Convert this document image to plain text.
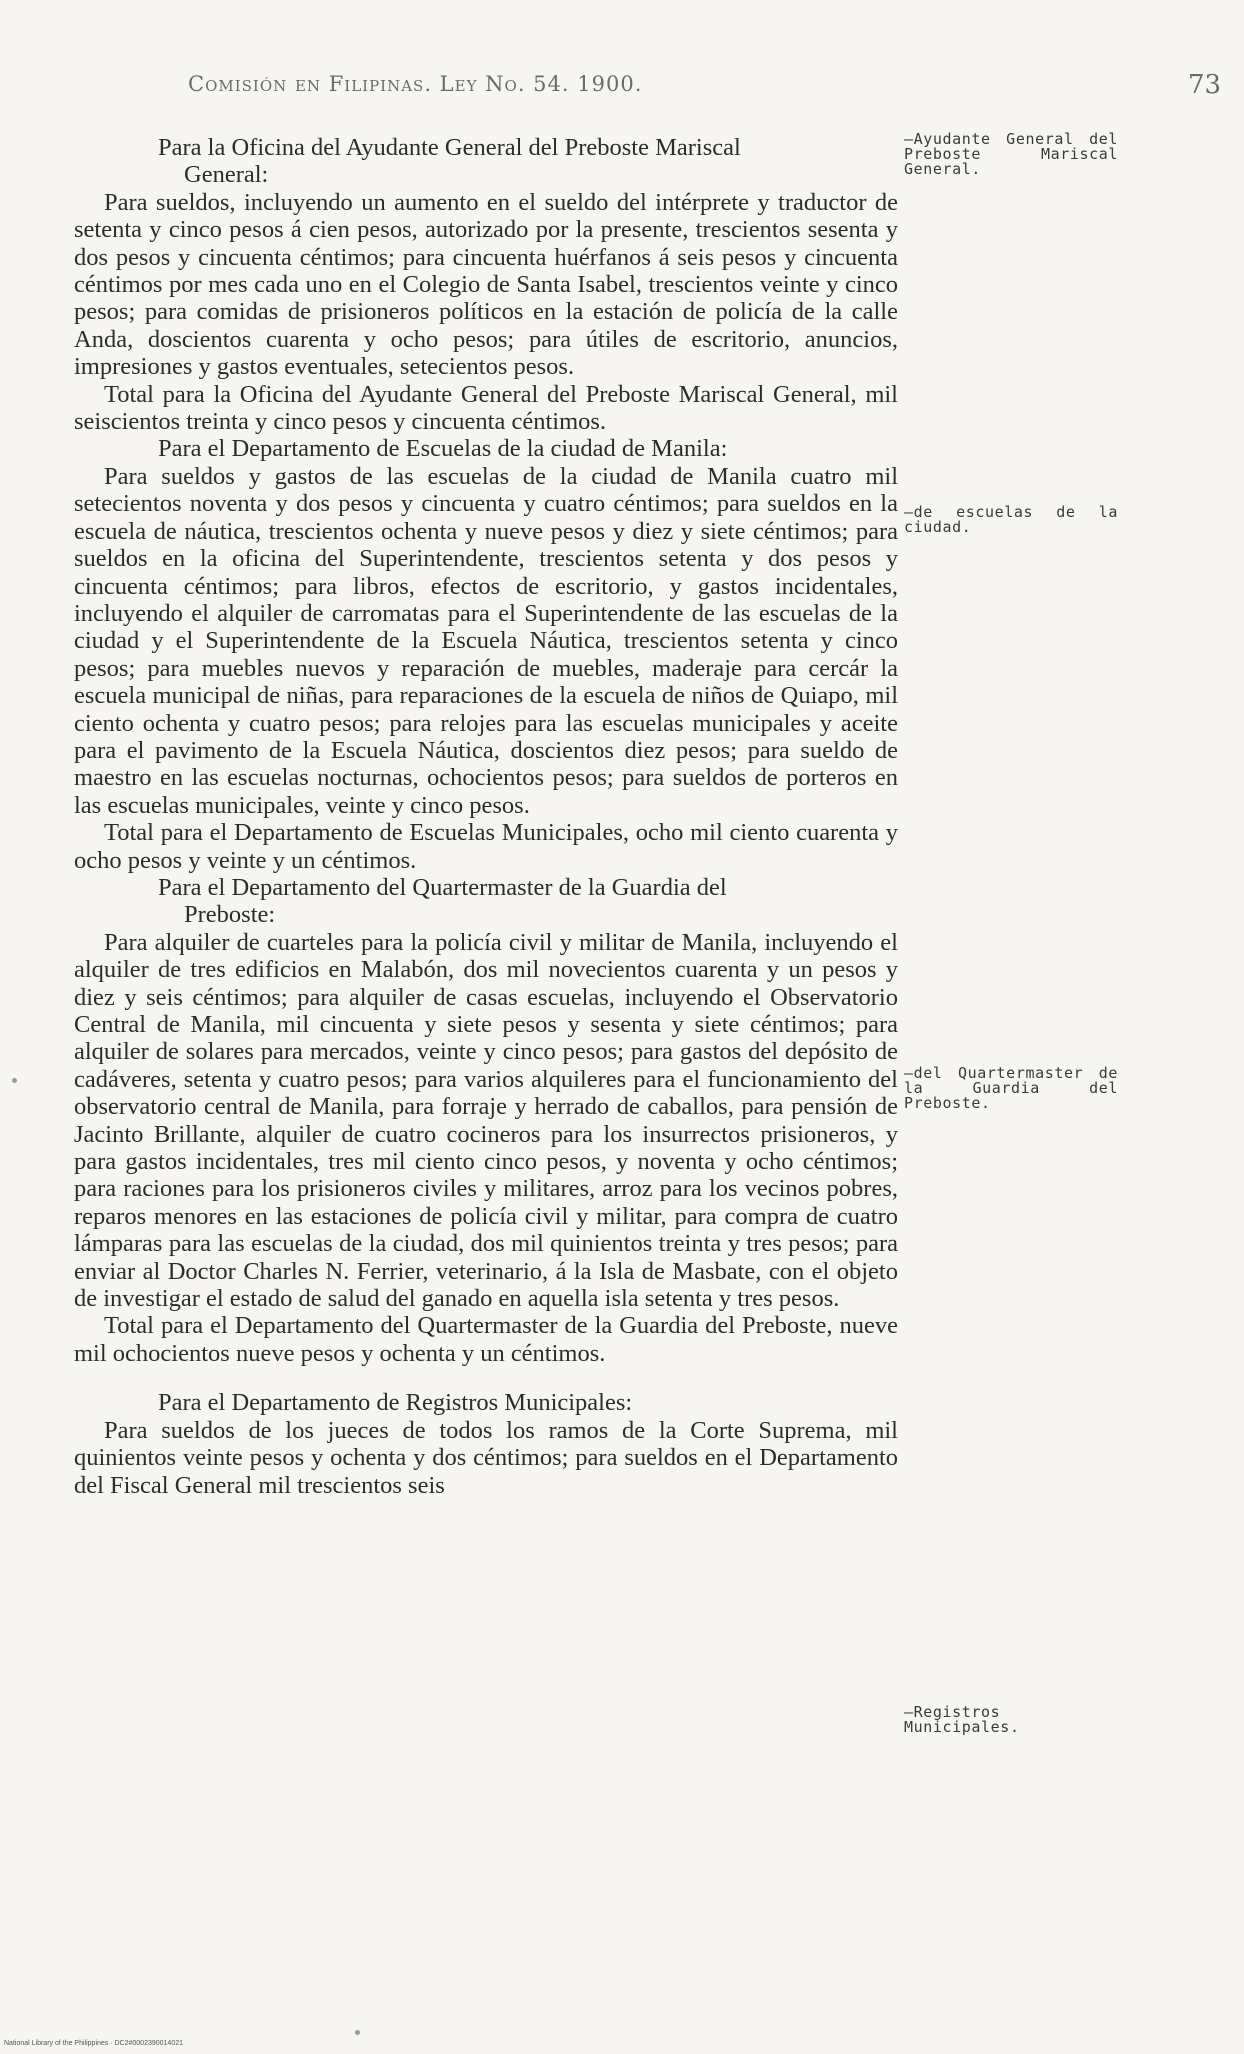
Comisión en Filipinas. Ley No. 54. 1900.	73

Para la Oficina del Ayudante General del Preboste Mariscal
General:

Para sueldos, incluyendo un aumento en el sueldo del intérprete y traductor de setenta y cinco pesos á cien pesos, autorizado por la presente, trescientos sesenta y dos pesos y cincuenta céntimos; para cincuenta huérfanos á seis pesos y cincuenta céntimos por mes cada uno en el Colegio de Santa Isabel, trescientos veinte y cinco pesos; para comidas de prisioneros políticos en la estación de policía de la calle Anda, doscientos cuarenta y ocho pesos; para útiles de escritorio, anuncios, impresiones y gastos eventuales, setecientos pesos.

Total para la Oficina del Ayudante General del Preboste Mariscal General, mil seiscientos treinta y cinco pesos y cincuenta céntimos.

Para el Departamento de Escuelas de la ciudad de Manila:

Para sueldos y gastos de las escuelas de la ciudad de Manila cuatro mil setecientos noventa y dos pesos y cincuenta y cuatro céntimos; para sueldos en la escuela de náutica, trescientos ochenta y nueve pesos y diez y siete céntimos; para sueldos en la oficina del Superintendente, trescientos setenta y dos pesos y cincuenta céntimos; para libros, efectos de escritorio, y gastos incidentales, incluyendo el alquiler de carromatas para el Superintendente de las escuelas de la ciudad y el Superintendente de la Escuela Náutica, trescientos setenta y cinco pesos; para muebles nuevos y reparación de muebles, maderaje para cercár la escuela municipal de niñas, para reparaciones de la escuela de niños de Quiapo, mil ciento ochenta y cuatro pesos; para relojes para las escuelas municipales y aceite para el pavimento de la Escuela Náutica, doscientos diez pesos; para sueldo de maestro en las escuelas nocturnas, ochocientos pesos; para sueldos de porteros en las escuelas municipales, veinte y cinco pesos.

Total para el Departamento de Escuelas Municipales, ocho mil ciento cuarenta y ocho pesos y veinte y un céntimos.

Para el Departamento del Quartermaster de la Guardia del
Preboste:

Para alquiler de cuarteles para la policía civil y militar de Manila, incluyendo el alquiler de tres edificios en Malabón, dos mil novecientos cuarenta y un pesos y diez y seis céntimos; para alquiler de casas escuelas, incluyendo el Observatorio Central de Manila, mil cincuenta y siete pesos y sesenta y siete céntimos; para alquiler de solares para mercados, veinte y cinco pesos; para gastos del depósito de cadáveres, setenta y cuatro pesos; para varios alquileres para el funcionamiento del observatorio central de Manila, para forraje y herrado de caballos, para pensión de Jacinto Brillante, alquiler de cuatro cocineros para los insurrectos prisioneros, y para gastos incidentales, tres mil ciento cinco pesos, y noventa y ocho céntimos; para raciones para los prisioneros civiles y militares, arroz para los vecinos pobres, reparos menores en las estaciones de policía civil y militar, para compra de cuatro lámparas para las escuelas de la ciudad, dos mil quinientos treinta y tres pesos; para enviar al Doctor Charles N. Ferrier, veterinario, á la Isla de Masbate, con el objeto de investigar el estado de salud del ganado en aquella isla setenta y tres pesos.

Total para el Departamento del Quartermaster de la Guardia del Preboste, nueve mil ochocientos nueve pesos y ochenta y un céntimos.

Para el Departamento de Registros Municipales:

Para sueldos de los jueces de todos los ramos de la Corte Suprema, mil quinientos veinte pesos y ochenta y dos céntimos; para sueldos en el Departamento del Fiscal General mil trescientos seis

—Ayudante General del Preboste Mariscal General.
—de escuelas de la ciudad.
—del Quartermaster de la Guardia del Preboste.
—Registros Municipales.
National Library of the Philippines · DC2#0002390014021
